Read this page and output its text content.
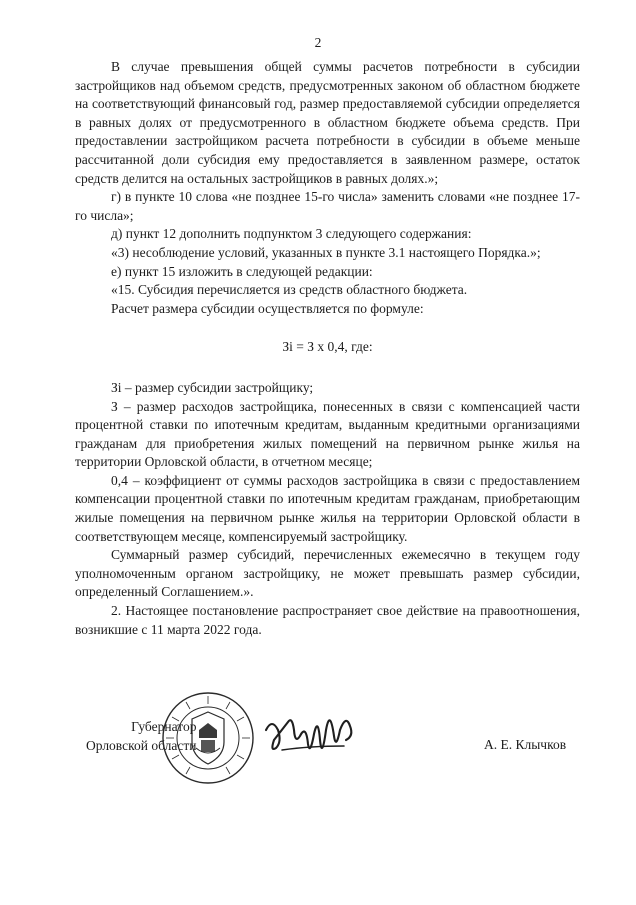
2

В случае превышения общей суммы расчетов потребности в субсидии застройщиков над объемом средств, предусмотренных законом об областном бюджете на соответствующий финансовый год, размер предоставляемой субсидии определяется в равных долях от предусмотренного в областном бюджете объема средств. При предоставлении застройщиком расчета потребности в субсидии в объеме меньше рассчитанной доли субсидия ему предоставляется в заявленном размере, остаток средств делится на остальных застройщиков в равных долях.»;

г) в пункте 10 слова «не позднее 15-го числа» заменить словами «не позднее 17-го числа»;

д) пункт 12 дополнить подпунктом 3 следующего содержания:

«3) несоблюдение условий, указанных в пункте 3.1 настоящего Порядка.»;

е) пункт 15 изложить в следующей редакции:

«15. Субсидия перечисляется из средств областного бюджета.

Расчет размера субсидии осуществляется по формуле:

Зi = З х 0,4, где:

Зi – размер субсидии застройщику;

З – размер расходов застройщика, понесенных в связи с компенсацией части процентной ставки по ипотечным кредитам, выданным кредитными организациями гражданам для приобретения жилых помещений на первичном рынке жилья на территории Орловской области, в отчетном месяце;

0,4 – коэффициент от суммы расходов застройщика в связи с предоставлением компенсации процентной ставки по ипотечным кредитам гражданам, приобретающим жилые помещения на первичном рынке жилья на территории Орловской области в соответствующем месяце, компенсируемый застройщику.

Суммарный размер субсидий, перечисленных ежемесячно в текущем году уполномоченным органом застройщику, не может превышать размер субсидии, определенный Соглашением.».

2. Настоящее постановление распространяет свое действие на правоотношения, возникшие с 11 марта 2022 года.

Губернатор
Орловской области	А. Е. Клычков
